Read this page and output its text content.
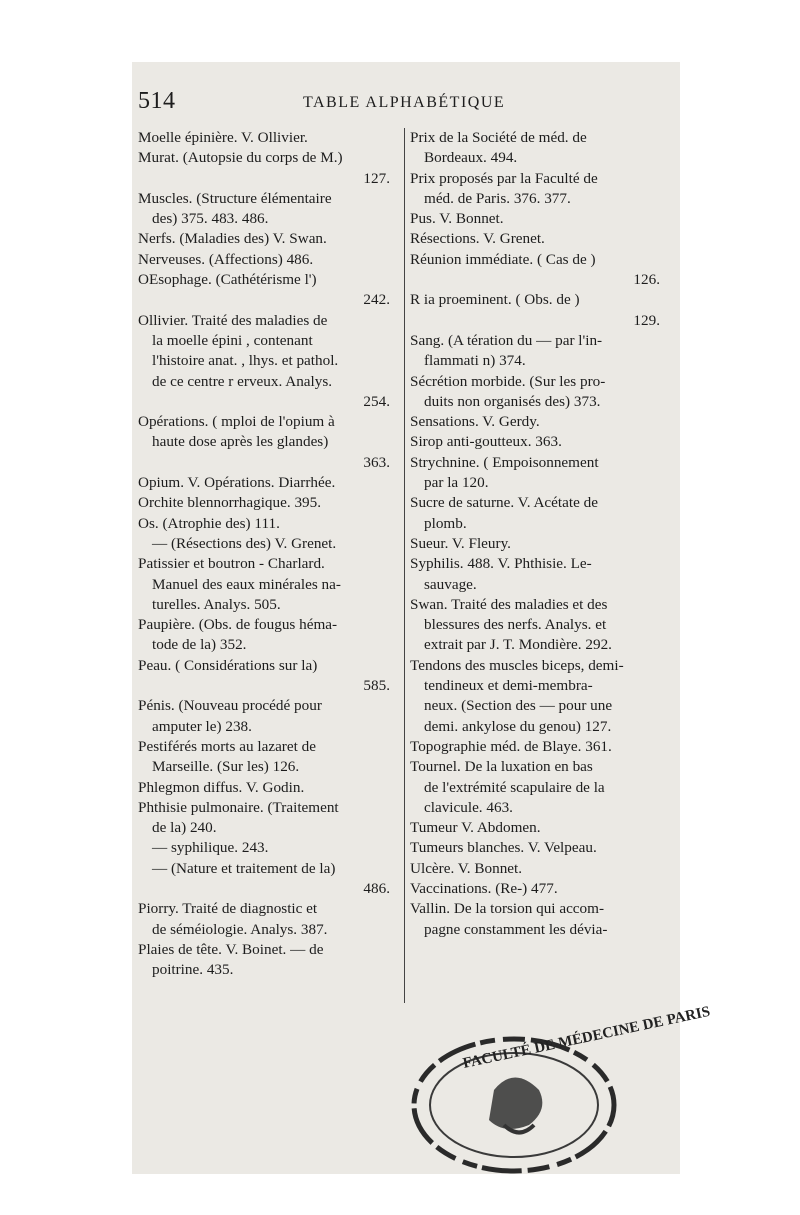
514	TABLE ALPHABÉTIQUE
Moelle épinière. V. Ollivier.
Murat. (Autopsie du corps de M.)
127.
Muscles. (Structure élémentaire
des) 375. 483. 486.
Nerfs. (Maladies des) V. Swan.
Nerveuses. (Affections) 486.
OEsophage. (Cathétérisme l')
242.
Ollivier. Traité des maladies de
la moelle épini , contenant
l'histoire anat. , lhys. et pathol.
de ce centre r erveux. Analys.
254.
Opérations. ( mploi de l'opium à
haute dose après les glandes)
363.
Opium. V. Opérations. Diarrhée.
Orchite blennorrhagique. 395.
Os. (Atrophie des) 111.
— (Résections des) V. Grenet.
Patissier et boutron - Charlard.
Manuel des eaux minérales na-
turelles. Analys. 505.
Paupière. (Obs. de fougus héma-
tode de la) 352.
Peau. ( Considérations sur la)
585.
Pénis. (Nouveau procédé pour
amputer le) 238.
Pestiférés morts au lazaret de
Marseille. (Sur les) 126.
Phlegmon diffus. V. Godin.
Phthisie pulmonaire. (Traitement
de la) 240.
— syphilique. 243.
— (Nature et traitement de la)
486.
Piorry. Traité de diagnostic et
de séméiologie. Analys. 387.
Plaies de tête. V. Boinet. — de
poitrine. 435.
Prix de la Société de méd. de
Bordeaux. 494.
Prix proposés par la Faculté de
méd. de Paris. 376. 377.
Pus. V. Bonnet.
Résections. V. Grenet.
Réunion immédiate. ( Cas de )
126.
R ia proeminent. ( Obs. de )
129.
Sang. (A tération du — par l'in-
flammati n) 374.
Sécrétion morbide. (Sur les pro-
duits non organisés des) 373.
Sensations. V. Gerdy.
Sirop anti-goutteux. 363.
Strychnine. ( Empoisonnement
par la 120.
Sucre de saturne. V. Acétate de
plomb.
Sueur. V. Fleury.
Syphilis. 488. V. Phthisie. Le-
sauvage.
Swan. Traité des maladies et des
blessures des nerfs. Analys. et
extrait par J. T. Mondière. 292.
Tendons des muscles biceps, demi-
tendineux et demi-membra-
neux. (Section des — pour une
demi. ankylose du genou) 127.
Topographie méd. de Blaye. 361.
Tournel. De la luxation en bas
de l'extrémité scapulaire de la
clavicule. 463.
Tumeur V. Abdomen.
Tumeurs blanches. V. Velpeau.
Ulcère. V. Bonnet.
Vaccinations. (Re-) 477.
Vallin. De la torsion qui accom-
pagne constamment les dévia-
FACULTÉ DE MÉDECINE DE PARIS
